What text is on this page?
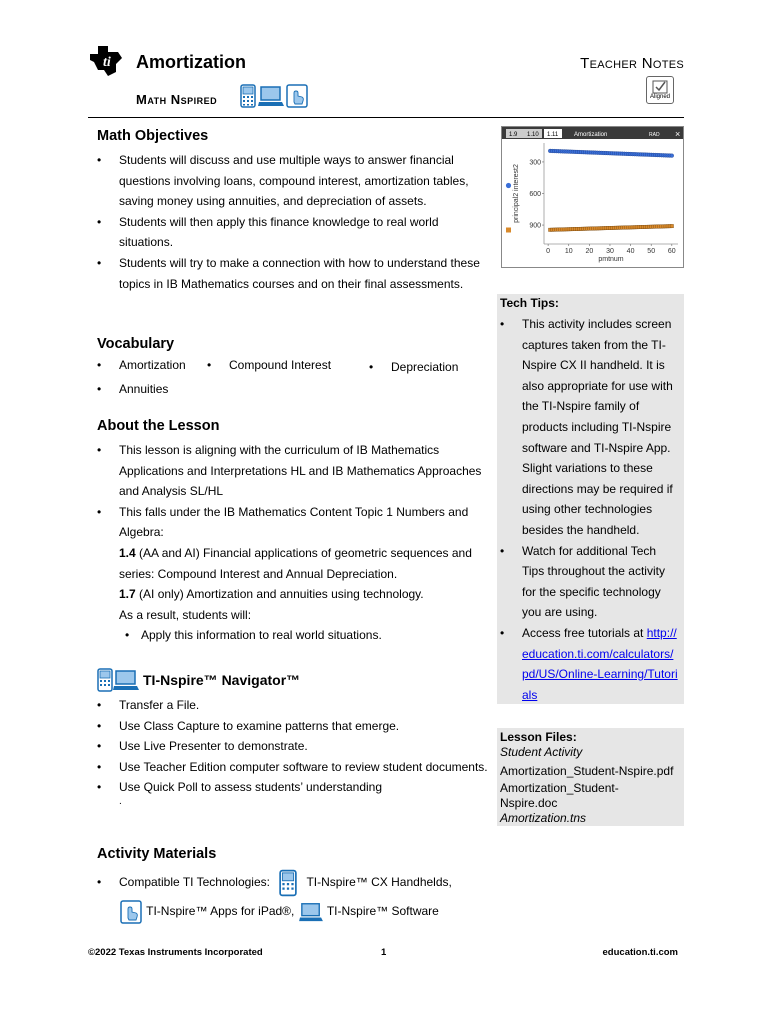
ti Amortization	Teacher Notes
Math Nspired	Aligned
Math Objectives
• Students will discuss and use multiple ways to answer financial questions involving loans, compound interest, amortization tables, saving money using annuities, and depreciation of assets.
• Students will then apply this finance knowledge to real world situations.
• Students will try to make a connection with how to understand these topics in IB Mathematics courses and on their final assessments.
Vocabulary
• Amortization	• Compound Interest	• Depreciation
• Annuities
About the Lesson
• This lesson is aligning with the curriculum of IB Mathematics Applications and Interpretations HL and IB Mathematics Approaches and Analysis SL/HL
• This falls under the IB Mathematics Content Topic 1 Numbers and Algebra:
1.4 (AA and AI) Financial applications of geometric sequences and series: Compound Interest and Annual Depreciation.
1.7 (AI only) Amortization and annuities using technology.
As a result, students will:
• Apply this information to real world situations.
TI-Nspire™ Navigator™
• Transfer a File.
• Use Class Capture to examine patterns that emerge.
• Use Live Presenter to demonstrate.
• Use Teacher Edition computer software to review student documents.
• Use Quick Poll to assess students’ understanding
.
Activity Materials
• Compatible TI Technologies:	TI-Nspire™ CX Handhelds,
TI-Nspire™ Apps for iPad®,	TI-Nspire™ Software
1.9 1.10 1.11	Amortization	RAD ×
0 10 20 30 40 50 60
900
600
300
pmtnum
principal2 interest2
Tech Tips:
• This activity includes screen captures taken from the TI-Nspire CX II handheld. It is also appropriate for use with the TI-Nspire family of products including TI-Nspire software and TI-Nspire App. Slight variations to these directions may be required if using other technologies besides the handheld.
• Watch for additional Tech Tips throughout the activity for the specific technology you are using.
• Access free tutorials at http://education.ti.com/calculators/pd/US/Online-Learning/Tutorials
Lesson Files:
Student Activity
Amortization_Student-Nspire.pdf
Amortization_Student-Nspire.doc
Amortization.tns
©2022 Texas Instruments Incorporated	1	education.ti.com
